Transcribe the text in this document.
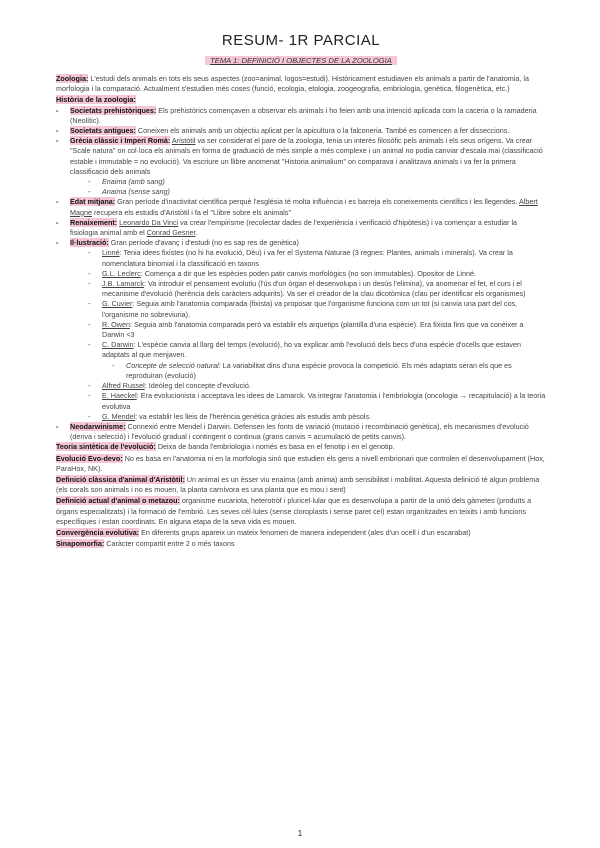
RESUM- 1R PARCIAL
TEMA 1: DEFINICIÓ I OBJECTES DE LA ZOOLOGIA

Zoologia: L'estudi dels animals en tots els seus aspectes (zoo=animal, logos=estudi). Històricament estudiaven els animals a partir de l'anatomia, la morfologia i la comparació. Actualment s'estudien més coses (funció, ecologia, etologia, zoogeografia, embriologia, genètica, filogenètica, etc.)

Història de la zoologia:

- Societats prehistòriques: Els prehistòrics començaven a observar els animals i ho feien amb una intenció aplicada com la caceria o la ramaderia (Neolític).
- Societats antigues: Coneixen els animals amb un objectiu aplicat per la apicultura o la falconeria. També es comencen a fer disseccions.
- Grècia clàssic i Imperi Romà: Aristòtil va ser considerat el pare de la zoologia, tenia un interès filosòfic pels animals i els seus orígens. Va crear "Scale natura" on col·loca els animals en forma de graduació de més simple a més complexe i un animal no podia canviar d'escala mai (classificació estable i immutable = no evolució). Va escriure un llibre anomenat "Historia animalium" on comparava i analitzava animals i va fer la primera classificació dels animals
- Enaima (amb sang)
- Anaima (sense sang)
- Edat mitjana: Gran període d'inactivitat científica perquè l'església té molta influència i es barreja els coneixements científics i les llegendes. Albert Magne recupera els estudis d'Aristòtil i fa el "Llibre sobre els animals"
- Renaixement: Leonardo Da Vinci va crear l'empirisme (recolectar dades de l'experiència i verificació d'hipòtesis) i va començar a estudiar la fisiologia animal amb el Conrad Gesner.
- Il·lustració: Gran període d'avanç i d'estudi (no es sap res de genètica)
- Linné: Tenia idees fixistes (no hi ha evolució, Déu) i va fer el Systema Naturae (3 regnes: Plantes, animals i minerals). Va crear la nomenclatura binomial i la classificació en taxons
- G.L. Leclerc: Comença a dir que les espècies poden patir canvis morfològics (no son immutables). Opositor de Linné.
- J.B. Lamarck: Va introduir el pensament evolutiu (l'ús d'un òrgan el desenvolupa i un desús l'elimina), va anomenar el fet, el curs i el mecanisme d'evolució (herència dels caràcters adquirits). Va ser el creador de la clau dicotòmica (clau per identificar els organismes)
- G. Cuvier: Seguia amb l'anatomia comparada (fixista) va proposar que l'organisme funciona com un tot (si canvia una part del cos, l'organisme no sobreviuria).
- R. Owen: Seguia amb l'anatomia comparada però va establir els arquetips (plantilla d'una espècie). Era fixista fins que va conèixer a Darwin <3
- C. Darwin: L'espècie canvia al llarg del temps (evolució), ho va explicar amb l'evolució dels becs d'una espècie d'ocells que estaven adaptats al que menjaven.
- Concepte de selecció natural: La variabilitat dins d'una espècie provoca la competició. Els més adaptats seran els que es reproduiran (evolució)
- Alfred Russel: Ideòleg del concepte d'evolució.
- E. Haeckel: Era evolucionista i acceptava les idees de Lamarck. Va integrar l'anatomia i l'embriologia (oncologia → recapitulació) a la teoria evolutiva
- G. Mendel: va establir les lleis de l'herència genètica gràcies als estudis amb pèsols.
- Neodarwinisme: Connexió entre Mendel i Darwin. Defensen les fonts de variació (mutació i recombinació genètica), els mecanismes d'evolució (deriva i selecció) i l'evolució gradual i contingent o continua (grans canvis = acumulació de petits canvis).

Teoria sintètica de l'evolució: Deixa de banda l'embriologia i només es basa en el fenotip i en el genotip.

Evolució Evo-devo: No es basa en l'anatomia ni en la morfologia sinó que estudien els gens a nivell embrionari que controlen el desenvolupament (Hox, ParaHox, NK).

Definició clàssica d'animal d'Aristòtil: Un animal es un èsser viu enaima (amb anima) amb sensibilitat i mobilitat. Aquesta definició té algun problema (els corals son animals i no es mouen, la planta carnívora es una planta que es mou i sent)

Definició actual d'animal o metazou: organisme eucariota, heterotròf i pluricel·lular que es desenvolupa a partir de la unió dels gàmetes (produïts a òrgans especialitzats) i la formació de l'embrió. Les seves cèl·lules (sense cloroplasts i sense paret cel) estan organitzades en teixits i amb funcions específiques i estan coordinats. En alguna etapa de la seva vida es mouen.

Convergència evolutiva: En diferents grups apareix un mateix fenomen de manera independent (ales d'un ocell i d'un escarabat)

Sinapomorfia: Caràcter compartit entre 2 o més taxons

1
